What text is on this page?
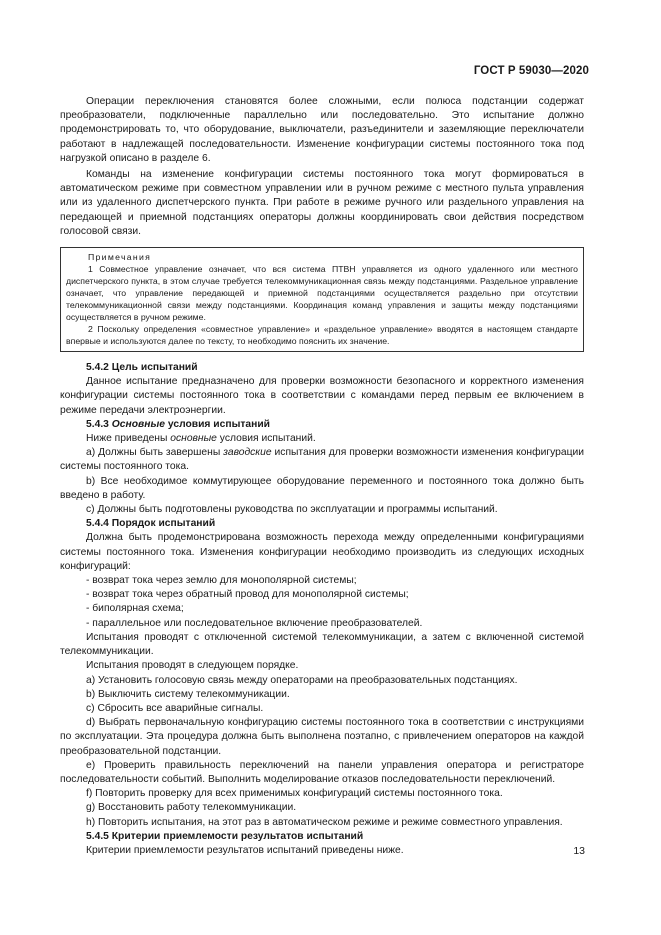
ГОСТ Р 59030—2020

Операции переключения становятся более сложными, если полюса подстанции содержат преобразователи, подключенные параллельно или последовательно. Это испытание должно продемонстрировать то, что оборудование, выключатели, разъединители и заземляющие переключатели работают в надлежащей последовательности. Изменение конфигурации системы постоянного тока под нагрузкой описано в разделе 6.

Команды на изменение конфигурации системы постоянного тока могут формироваться в автоматическом режиме при совместном управлении или в ручном режиме с местного пульта управления или из удаленного диспетчерского пункта. При работе в режиме ручного или раздельного управления на передающей и приемной подстанциях операторы должны координировать свои действия посредством голосовой связи.

Примечания

1 Совместное управление означает, что вся система ПТВН управляется из одного удаленного или местного диспетчерского пункта, в этом случае требуется телекоммуникационная связь между подстанциями. Раздельное управление означает, что управление передающей и приемной подстанциями осуществляется раздельно при отсутствии телекоммуникационной связи между подстанциями. Координация команд управления и защиты между подстанциями осуществляется в ручном режиме.

2 Поскольку определения «совместное управление» и «раздельное управление» вводятся в настоящем стандарте впервые и используются далее по тексту, то необходимо пояснить их значение.

5.4.2 Цель испытаний

Данное испытание предназначено для проверки возможности безопасного и корректного изменения конфигурации системы постоянного тока в соответствии с командами перед первым ее включением в режиме передачи электроэнергии.

5.4.3 Основные условия испытаний

Ниже приведены основные условия испытаний.

a) Должны быть завершены заводские испытания для проверки возможности изменения конфигурации системы постоянного тока.

b) Все необходимое коммутирующее оборудование переменного и постоянного тока должно быть введено в работу.

c) Должны быть подготовлены руководства по эксплуатации и программы испытаний.

5.4.4 Порядок испытаний

Должна быть продемонстрирована возможность перехода между определенными конфигурациями системы постоянного тока. Изменения конфигурации необходимо производить из следующих исходных конфигураций:

- возврат тока через землю для монополярной системы;

- возврат тока через обратный провод для монополярной системы;

- биполярная схема;

- параллельное или последовательное включение преобразователей.

Испытания проводят с отключенной системой телекоммуникации, а затем с включенной системой телекоммуникации.

Испытания проводят в следующем порядке.

a) Установить голосовую связь между операторами на преобразовательных подстанциях.

b) Выключить систему телекоммуникации.

c) Сбросить все аварийные сигналы.

d) Выбрать первоначальную конфигурацию системы постоянного тока в соответствии с инструкциями по эксплуатации. Эта процедура должна быть выполнена поэтапно, с привлечением операторов на каждой преобразовательной подстанции.

e) Проверить правильность переключений на панели управления оператора и регистраторе последовательности событий. Выполнить моделирование отказов последовательности переключений.

f) Повторить проверку для всех применимых конфигураций системы постоянного тока.

g) Восстановить работу телекоммуникации.

h) Повторить испытания, на этот раз в автоматическом режиме и режиме совместного управления.

5.4.5 Критерии приемлемости результатов испытаний

Критерии приемлемости результатов испытаний приведены ниже.	13
